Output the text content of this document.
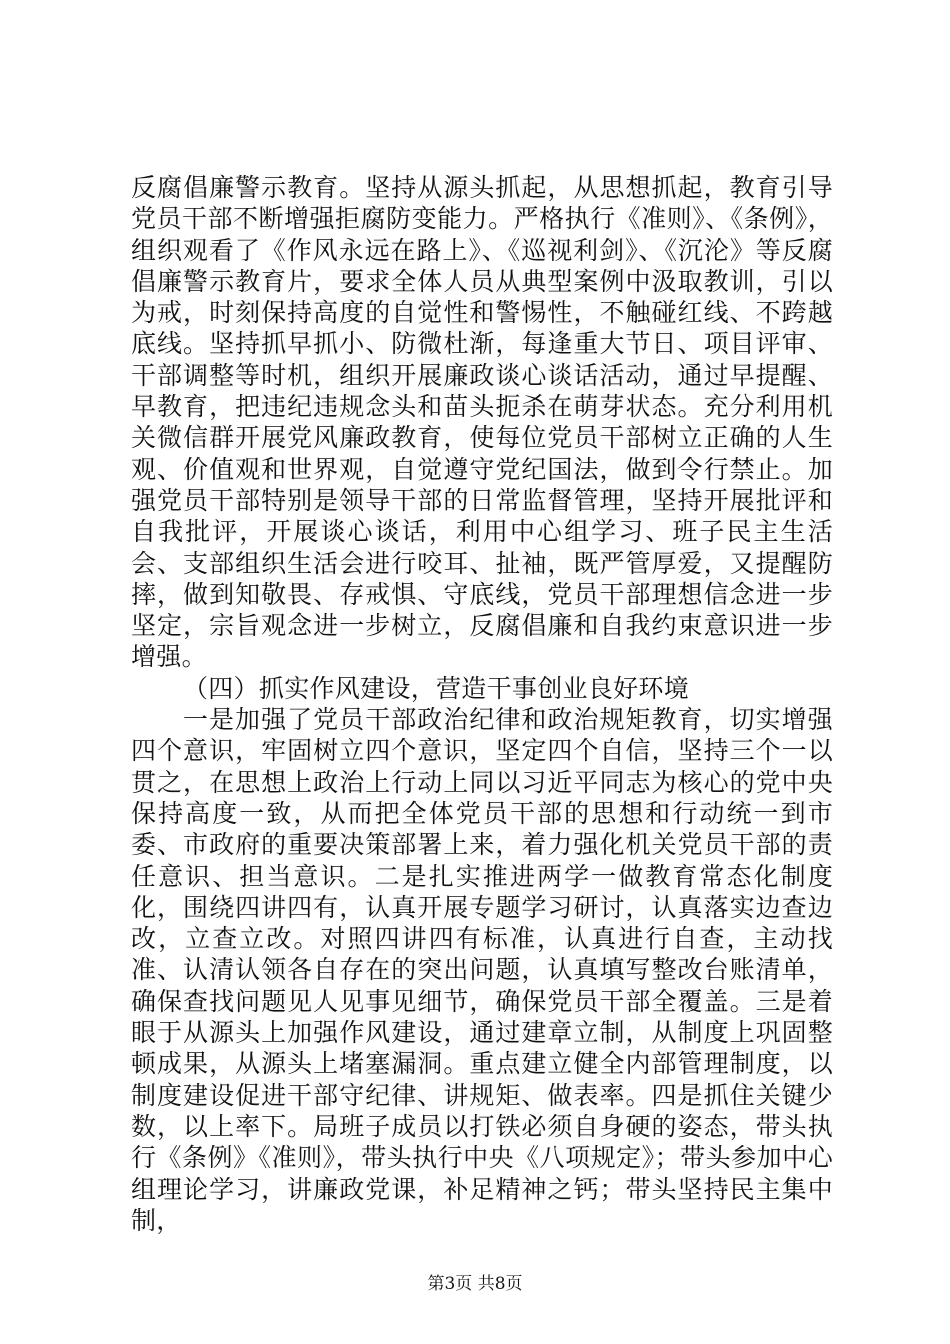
反腐倡廉警示教育。坚持从源头抓起，从思想抓起，教育引导党员干部不断增强拒腐防变能力。严格执行《准则》、《条例》，组织观看了《作风永远在路上》、《巡视利剑》、《沉沦》等反腐倡廉警示教育片，要求全体人员从典型案例中汲取教训，引以为戒，时刻保持高度的自觉性和警惕性，不触碰红线、不跨越底线。坚持抓早抓小、防微杜渐，每逢重大节日、项目评审、干部调整等时机，组织开展廉政谈心谈话活动，通过早提醒、早教育，把违纪违规念头和苗头扼杀在萌芽状态。充分利用机关微信群开展党风廉政教育，使每位党员干部树立正确的人生观、价值观和世界观，自觉遵守党纪国法，做到令行禁止。加强党员干部特别是领导干部的日常监督管理，坚持开展批评和自我批评，开展谈心谈话，利用中心组学习、班子民主生活会、支部组织生活会进行咬耳、扯袖，既严管厚爱，又提醒防摔，做到知敬畏、存戒惧、守底线，党员干部理想信念进一步坚定，宗旨观念进一步树立，反腐倡廉和自我约束意识进一步增强。

（四）抓实作风建设，营造干事创业良好环境

一是加强了党员干部政治纪律和政治规矩教育，切实增强四个意识，牢固树立四个意识，坚定四个自信，坚持三个一以贯之，在思想上政治上行动上同以习近平同志为核心的党中央保持高度一致，从而把全体党员干部的思想和行动统一到市委、市政府的重要决策部署上来，着力强化机关党员干部的责任意识、担当意识。二是扎实推进两学一做教育常态化制度化，围绕四讲四有，认真开展专题学习研讨，认真落实边查边改，立查立改。对照四讲四有标准，认真进行自查，主动找准、认清认领各自存在的突出问题，认真填写整改台账清单，确保查找问题见人见事见细节，确保党员干部全覆盖。三是着眼于从源头上加强作风建设，通过建章立制，从制度上巩固整顿成果，从源头上堵塞漏洞。重点建立健全内部管理制度，以制度建设促进干部守纪律、讲规矩、做表率。四是抓住关键少数，以上率下。局班子成员以打铁必须自身硬的姿态，带头执行《条例》《准则》，带头执行中央《八项规定》；带头参加中心组理论学习，讲廉政党课，补足精神之钙；带头坚持民主集中制，

第3页 共8页
